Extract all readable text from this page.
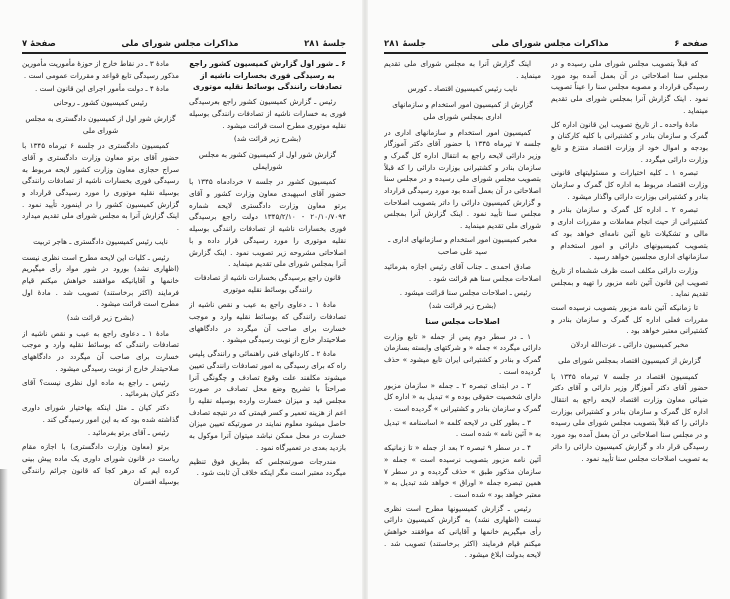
جلسهٔ ۲۸۱
مذاکرات مجلس شورای ملی
صفحهٔ ۷

۶ ـ شور اول گزارش کمیسیون کشور راجع به رسیدگی فوری بخسارات ناشیه از تصادفات رانندگی بوسائط نقلیه موتوری

رئیس ـ گزارش کمیسیون کشور راجع بعرسیدگی فوری به خسارات ناشیه از تصادفات رانندگی بوسیله نقلیه موتوری مطرح است قرائت میشود .

(بشرح زیر قرائت شد)

گزارش شور اول از کمیسیون کشور به مجلس شورایملی

کمیسیون کشور در جلسه ۷ خردادماه ۱۳۴۵ با حضور آقای اسپهبدی معاون وزارت کشور و آقای برتو معاون وزارت دادگستری لایحه شماره ۲۰/۱۰/۷۰۹۴ - ۱۳۴۵/۲/۱۰ دولت راجع برسیدگی فوری بخسارات ناشیه از تصادفات رانندگی بوسیله نقلیه موتوری را مورد رسیدگی قرار داده و با اصلاحاتی مشروحه زیر تصویب نمود . اینک گزارش آنرا بمجلس شورای ملی تقدیم مینماید .

قانون راجع برسیدگی بخسارات ناشیه از تصادفات رانندگی بوسائط نقلیه موتوری

مادهٔ ۱ ـ دعاوی راجع به عیب و نقص ناشیه از تصادفات رانندگی که بوسائط نقلیه وارد و موجب خسارت برای صاحب آن میگردد در دادگاههای صلاحیتدار خارج از نوبت رسیدگی میشود .

مادهٔ ۲ ـ کاردانهای فنی راهنمائی و رانندگی پلیس راه که برای رسیدگی به امور تصادفات رانندگی تعیین میشوند مکلفند علت وقوع تصادف و چگونگی آنرا صراحتاً با تشریح وضع محل تصادف در صورت مجلس قید و میزان خسارت وارده بوسیله نقلیه را اعم از هزینه تعمیر و کسر قیمتی که در نتیجه تصادف حاصل میشود معلوم نمایند در صورتیکه تعیین میزان خسارت در محل ممکن نباشد میتوان آنرا موکول به بازدید بعدی در تعمیرگاه نمود .

مندرجات صورتمجلس که بطریق فوق تنظیم میگردد معتبر است مگر اینکه خلاف آن ثابت شود .

مادهٔ ۳ ـ در نقاط خارج از حوزهٔ مأموریت مأمورین مذکور رسیدگی تابع قواعد و مقررات عمومی است .

مادهٔ ۴ ـ دولت مأمور اجرای این قانون است .

رئیس کمیسیون کشور ـ روحانی

گزارش شور اول از کمیسیون دادگستری به مجلس شورای ملی

کمیسیون دادگستری در جلسه ۶ تیرماه ۱۳۴۵ با حضور آقای برتو معاون وزارت دادگستری و آقای سراج حجازی معاون وزارت کشور لایحه مربوط به رسیدگی فوری بخسارات ناشیه از تصادفات رانندگی بوسیله نقلیه موتوری را مورد رسیدگی قرارداد و گزارش کمیسیون کشور را در اینمورد تأیید نمود . اینک گزارش آنرا به مجلس شورای ملی تقدیم میدارد .

نایب رئیس کمیسیون دادگستری ـ هاجر تربیت

رئیس ـ کلیات این لایحه مطرح است نظری نیست (اظهاری نشد) بورود در شور مواد رأی میگیریم خانمها و آقایانیکه موافقند خواهش میکنم قیام فرمایند (اکثر برخاستند) تصویب شد . مادهٔ اول مطرح است قرائت میشود .

(بشرح زیر قرائت شد)

مادهٔ ۱ ـ دعاوی راجع به عیب و نقص ناشیه از تصادفات رانندگی که بوسائط نقلیه وارد و موجب خسارت برای صاحب آن میگردد در دادگاههای صلاحیتدار خارج از نوبت رسیدگی میشود .

رئیس ـ راجع به ماده اول نظری نیست؟ آقای دکتر کیان بفرمائید .

دکتر کیان ـ مثل اینکه بهاختیار شورای داوری گذاشته شده بود که به این امور رسیدگی کند .

رئیس ـ آقای برتو بفرمائید .

برتو (معاون وزارت دادگستری) با اجازه مقام ریاست در قانون شورای داوری یک ماده پیش بینی کرده ایم که درهر کجا که قانون جرائم رانندگی بوسیله افسران

صفحه ۶
مذاکرات مجلس شورای ملی
جلسهٔ ۲۸۱

که قبلاً بتصویب مجلس شورای ملی رسیده و در مجلس سنا اصلاحاتی در آن بعمل آمده بود مورد رسیدگی قرارداد و مصوبه مجلس سنا را عیناً تصویب نمود . اینک گزارش آنرا بمجلس شورای ملی تقدیم مینماید .

مادهٔ واحده ـ از تاریخ تصویب این قانون اداره کل گمرک و سازمان بنادر و کشتیرانی با کلیه کارکنان و بودجه و اموال خود از وزارت اقتصاد منتزع و تابع وزارت دارائی میگردد .

تبصره ۱ ـ کلیه اختیارات و مسئولیتهای قانونی وزارت اقتصاد مربوط به اداره کل گمرک و سازمان بنادر و کشتیرانی بوزارت دارائی واگذار میشود .

تبصره ۲ ـ اداره کل گمرک و سازمان بنادر و کشتیرانی از حیث انجام معاملات و مقررات اداری و مالی و تشکیلات تابع آئین نامه‌ای خواهد بود که بتصویب کمیسیونهای دارائی و امور استخدام و سازمانهای اداری مجلسین خواهد رسید .

وزارت دارائی مکلف است ظرف ششماه از تاریخ تصویب این قانون آئین نامه مزبور را تهیه و بمجلس تقدیم نماید .

تا زمانیکه آئین نامه مزبور بتصویب نرسیده است مقررات فعلی اداره کل گمرک و سازمان بنادر و کشتیرانی معتبر خواهد بود .

مخبر کمیسیون دارائی ـ عزت‌الله اردلان

گزارش از کمیسیون اقتصاد بمجلس شورای ملی

کمیسیون اقتصاد در جلسه ۷ تیرماه ۱۳۴۵ با حضور آقای دکتر آموزگار وزیر دارائی و آقای دکتر ضیائی معاون وزارت اقتصاد لایحه راجع به انتقال اداره کل گمرک و سازمان بنادر و کشتیرانی بوزارت دارائی را که قبلاً بتصویب مجلس شورای ملی رسیده و در مجلس سنا اصلاحاتی در آن بعمل آمده بود مورد رسیدگی قرار داد و گزارش کمیسیون دارائی را داتر به تصویب اصلاحات مجلس سنا تأیید نمود .

اینک گزارش آنرا به مجلس شورای ملی تقدیم مینماید .

نایب رئیس کمیسیون اقتصاد ـ کورس

گزارش از کمیسیون امور استخدام و سازمانهای اداری بمجلس شورای ملی

کمیسیون امور استخدام و سازمانهای اداری در جلسه ۷ تیرماه ۱۳۴۵ با حضور آقای دکتر آموزگار وزیر دارائی لایحه راجع به انتقال اداره کل گمرک و سازمان بنادر و کشتیرانی بوزارت دارائی را که قبلاً بتصویب مجلس شورای ملی رسیده و در مجلس سنا اصلاحاتی در آن بعمل آمده بود مورد رسیدگی قرارداد و گزارش کمیسیون دارائی را داتر بتصویب اصلاحات مجلس سنا تأیید نمود . اینک گزارش آنرا بمجلس شورای ملی تقدیم مینماید .

مخبر کمیسیون امور استخدام و سازمانهای اداری ـ سید علی صاحب

صادق احمدی ـ جناب آقای رئیس اجازه بفرمائید اصلاحات مجلس سنا هم قرائت شود .

رئیس ـ اصلاحات مجلس سنا قرائت میشود .

(بشرح زیر قرائت شد)

اصلاحات مجلس سنا

۱ ـ در سطر دوم پس از جمله « تابع وزارت دارائی میگردد » جمله « و شرکتهای وابسته بسازمان گمرک و بنادر و کشتیرانی ایران تابع میشود » حذف گردیده است .

۲ ـ در ابتدای تبصره ۲ ـ جمله « سازمان مزبور دارای شخصیت حقوقی بوده و » تبدیل به « اداره کل گمرک و سازمان بنادر و کشتیرانی » گردیده است .

۳ ـ بطور کلی در لایحه کلمه « اساسنامه » تبدیل به « آئین نامه » شده است .

۴ ـ در سطر ۹ تبصره ۲ بعد از جمله « تا زمانیکه آئین نامه مزبور بتصویب نرسیده است » جمله « سازمان مذکور طبق » حذف گردیده و در سطر ۷ همین تبصره جمله « اوراق » خواهد شد تبدیل به « معتبر خواهد بود » شده است .

رئیس ـ گزارش کمیسیونها مطرح است نظری نیست (اظهاری نشد) به گزارش کمیسیون دارائی رأی میگیریم خانمها و آقایانی که موافقند خواهش میکنم قیام فرمایند (اکثر برخاستند) تصویب شد . لایحه بدولت ابلاغ میشود .
